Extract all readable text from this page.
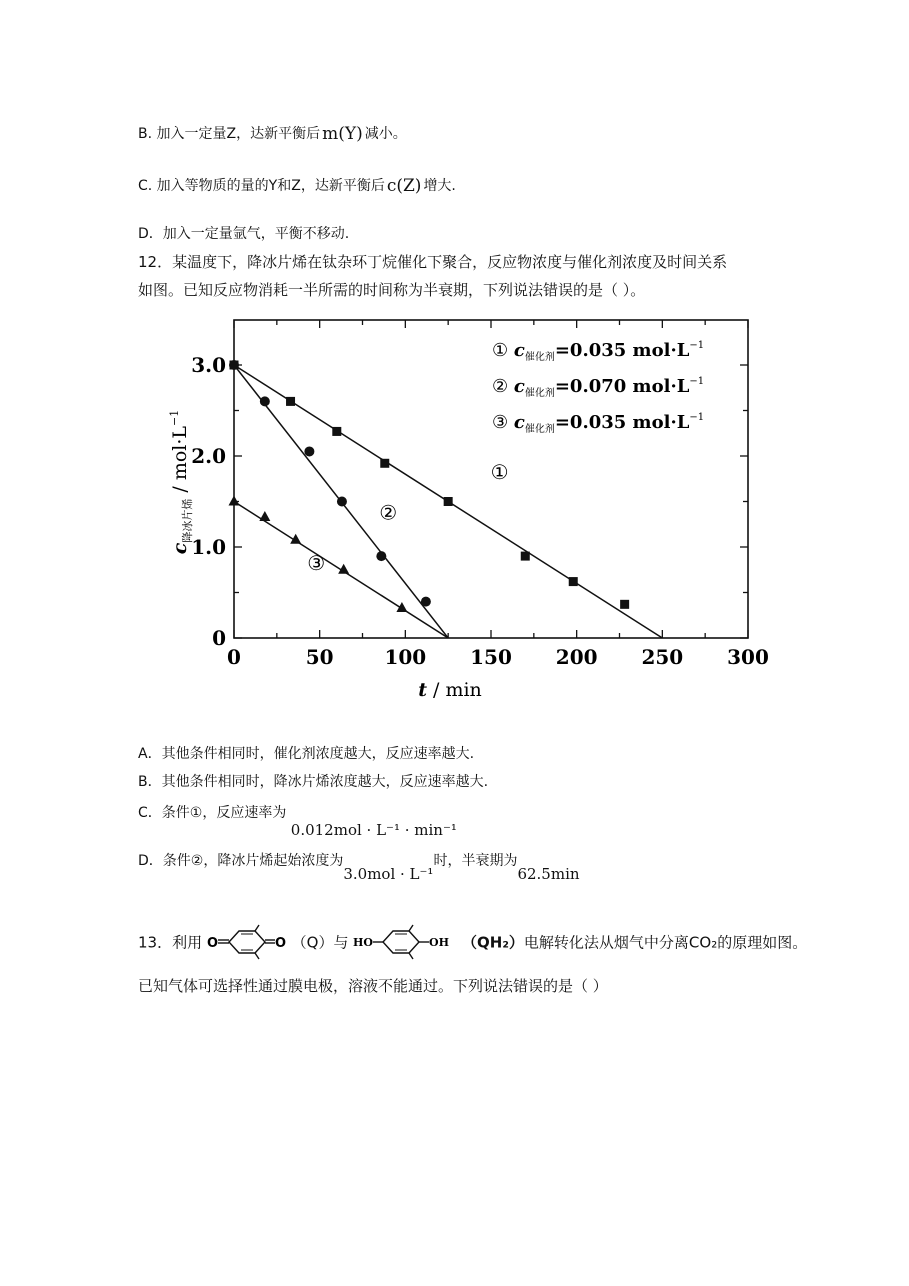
B. 加入一定量Z，达新平衡后 m(Y) 减小。
C. 加入等物质的量的Y和Z，达新平衡后 c(Z) 增大.
D．加入一定量氩气，平衡不移动.
12．某温度下，降冰片烯在钛杂环丁烷催化下聚合，反应物浓度与催化剂浓度及时间关系
如图。已知反应物消耗一半所需的时间称为半衰期，下列说法错误的是（ ）。
0	50	100 150 200 250 300
0
1.0
2.0
3.0
①
②
③
t / min
$c_{降冰片烯} / mol\cdot L^{-1}$
① $c_{催化剂}=0.035$ $mol\cdot L^{-1}$
② $c_{催化剂}=0.070$ $mol\cdot L^{-1}$
③ $c_{催化剂}=0.035$ $mol\cdot L^{-1}$
A．其他条件相同时，催化剂浓度越大，反应速率越大.
B．其他条件相同时，降冰片烯浓度越大，反应速率越大.
C．条件①，反应速率为 0.012mol · L⁻¹ · min⁻¹
D．条件②，降冰片烯起始浓度为3.0mol · L⁻¹时，半衰期为62.5min
13．利用 O	O （Q）与 HO	OH （QH₂）电解转化法从烟气中分离CO₂的原理如图。
已知气体可选择性通过膜电极，溶液不能通过。下列说法错误的是（ ）
